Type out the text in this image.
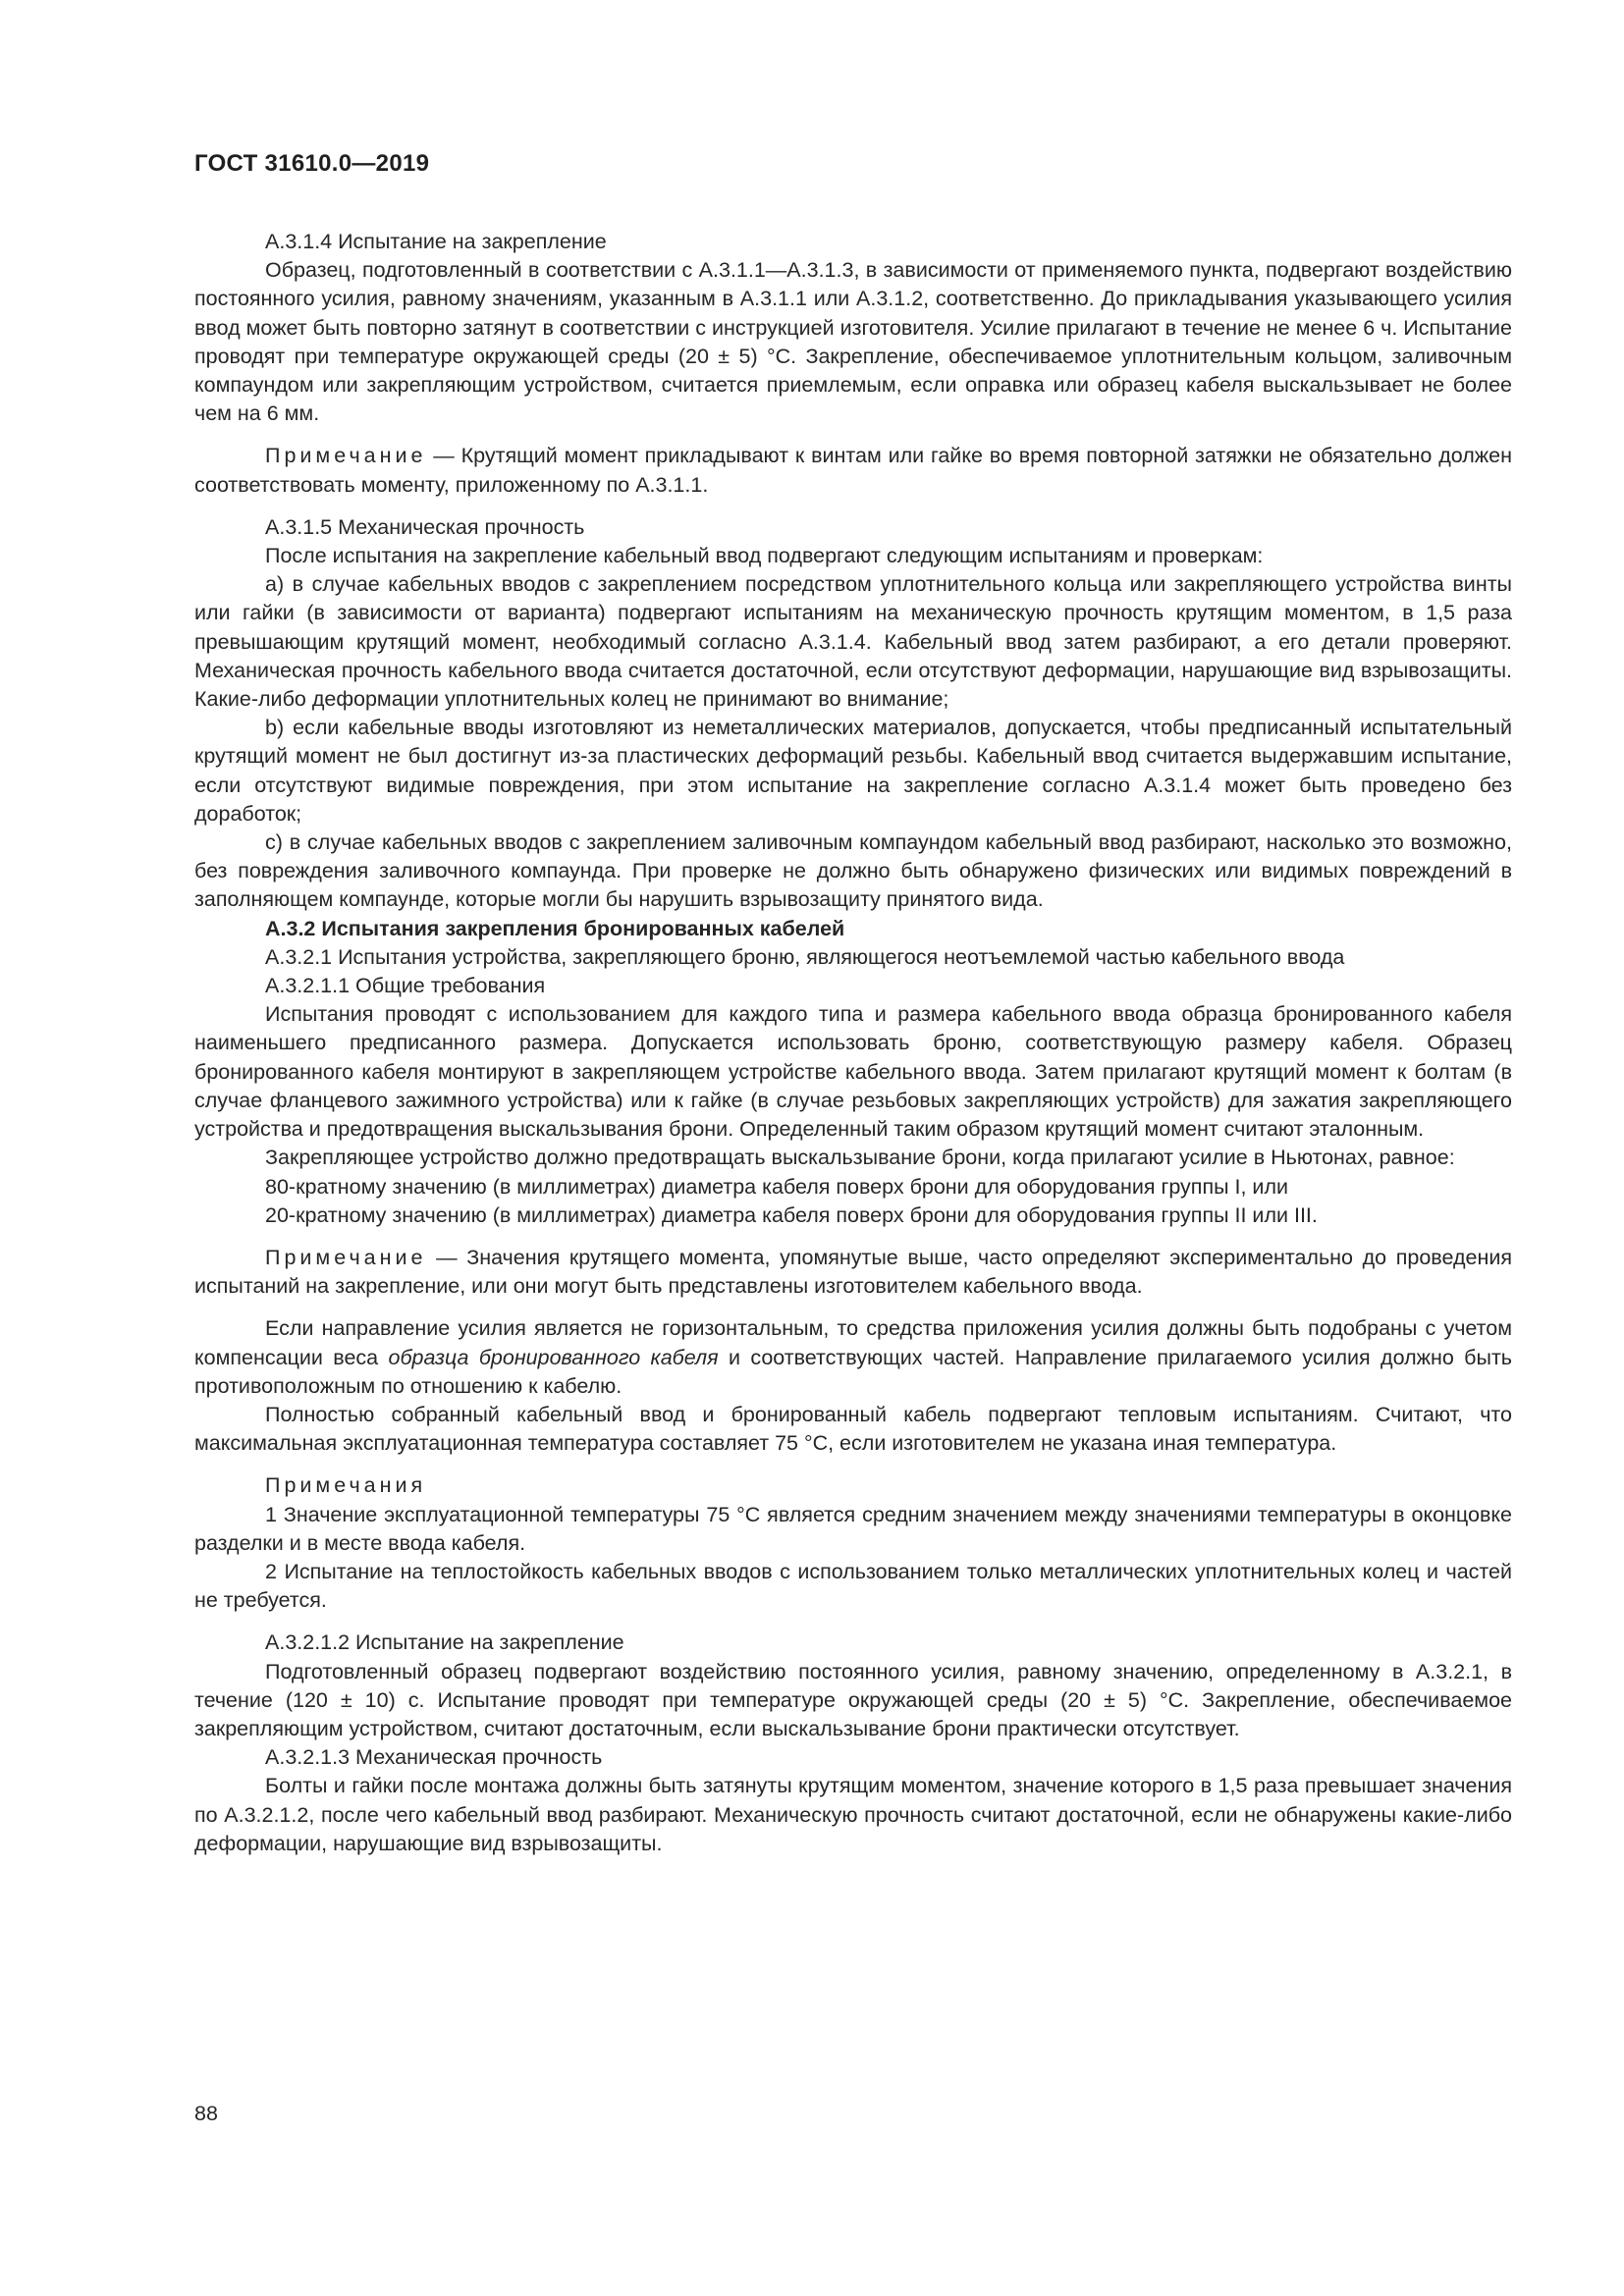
ГОСТ 31610.0—2019

А.3.1.4 Испытание на закрепление

Образец, подготовленный в соответствии с А.3.1.1—А.3.1.3, в зависимости от применяемого пункта, подвергают воздействию постоянного усилия, равному значениям, указанным в А.3.1.1 или А.3.1.2, соответственно. До прикладывания указывающего усилия ввод может быть повторно затянут в соответствии с инструкцией изготовителя. Усилие прилагают в течение не менее 6 ч. Испытание проводят при температуре окружающей среды (20 ± 5) °С. Закрепление, обеспечиваемое уплотнительным кольцом, заливочным компаундом или закрепляющим устройством, считается приемлемым, если оправка или образец кабеля выскальзывает не более чем на 6 мм.

Примечание — Крутящий момент прикладывают к винтам или гайке во время повторной затяжки не обязательно должен соответствовать моменту, приложенному по А.3.1.1.

А.3.1.5 Механическая прочность

После испытания на закрепление кабельный ввод подвергают следующим испытаниям и проверкам:

а) в случае кабельных вводов с закреплением посредством уплотнительного кольца или закрепляющего устройства винты или гайки (в зависимости от варианта) подвергают испытаниям на механическую прочность крутящим моментом, в 1,5 раза превышающим крутящий момент, необходимый согласно А.3.1.4. Кабельный ввод затем разбирают, а его детали проверяют. Механическая прочность кабельного ввода считается достаточной, если отсутствуют деформации, нарушающие вид взрывозащиты. Какие-либо деформации уплотнительных колец не принимают во внимание;

b) если кабельные вводы изготовляют из неметаллических материалов, допускается, чтобы предписанный испытательный крутящий момент не был достигнут из-за пластических деформаций резьбы. Кабельный ввод считается выдержавшим испытание, если отсутствуют видимые повреждения, при этом испытание на закрепление согласно А.3.1.4 может быть проведено без доработок;

c) в случае кабельных вводов с закреплением заливочным компаундом кабельный ввод разбирают, насколько это возможно, без повреждения заливочного компаунда. При проверке не должно быть обнаружено физических или видимых повреждений в заполняющем компаунде, которые могли бы нарушить взрывозащиту принятого вида.

А.3.2 Испытания закрепления бронированных кабелей

А.3.2.1 Испытания устройства, закрепляющего броню, являющегося неотъемлемой частью кабельного ввода

А.3.2.1.1 Общие требования

Испытания проводят с использованием для каждого типа и размера кабельного ввода образца бронированного кабеля наименьшего предписанного размера. Допускается использовать броню, соответствующую размеру кабеля. Образец бронированного кабеля монтируют в закрепляющем устройстве кабельного ввода. Затем прилагают крутящий момент к болтам (в случае фланцевого зажимного устройства) или к гайке (в случае резьбовых закрепляющих устройств) для зажатия закрепляющего устройства и предотвращения выскальзывания брони. Определенный таким образом крутящий момент считают эталонным.

Закрепляющее устройство должно предотвращать выскальзывание брони, когда прилагают усилие в Ньютонах, равное:

80-кратному значению (в миллиметрах) диаметра кабеля поверх брони для оборудования группы I, или

20-кратному значению (в миллиметрах) диаметра кабеля поверх брони для оборудования группы II или III.

Примечание — Значения крутящего момента, упомянутые выше, часто определяют экспериментально до проведения испытаний на закрепление, или они могут быть представлены изготовителем кабельного ввода.

Если направление усилия является не горизонтальным, то средства приложения усилия должны быть подобраны с учетом компенсации веса образца бронированного кабеля и соответствующих частей. Направление прилагаемого усилия должно быть противоположным по отношению к кабелю.

Полностью собранный кабельный ввод и бронированный кабель подвергают тепловым испытаниям. Считают, что максимальная эксплуатационная температура составляет 75 °С, если изготовителем не указана иная температура.

Примечания

1 Значение эксплуатационной температуры 75 °С является средним значением между значениями температуры в оконцовке разделки и в месте ввода кабеля.

2 Испытание на теплостойкость кабельных вводов с использованием только металлических уплотнительных колец и частей не требуется.

А.3.2.1.2 Испытание на закрепление

Подготовленный образец подвергают воздействию постоянного усилия, равному значению, определенному в А.3.2.1, в течение (120 ± 10) с. Испытание проводят при температуре окружающей среды (20 ± 5) °С. Закрепление, обеспечиваемое закрепляющим устройством, считают достаточным, если выскальзывание брони практически отсутствует.

А.3.2.1.3 Механическая прочность

Болты и гайки после монтажа должны быть затянуты крутящим моментом, значение которого в 1,5 раза превышает значения по А.3.2.1.2, после чего кабельный ввод разбирают. Механическую прочность считают достаточной, если не обнаружены какие-либо деформации, нарушающие вид взрывозащиты.

88
